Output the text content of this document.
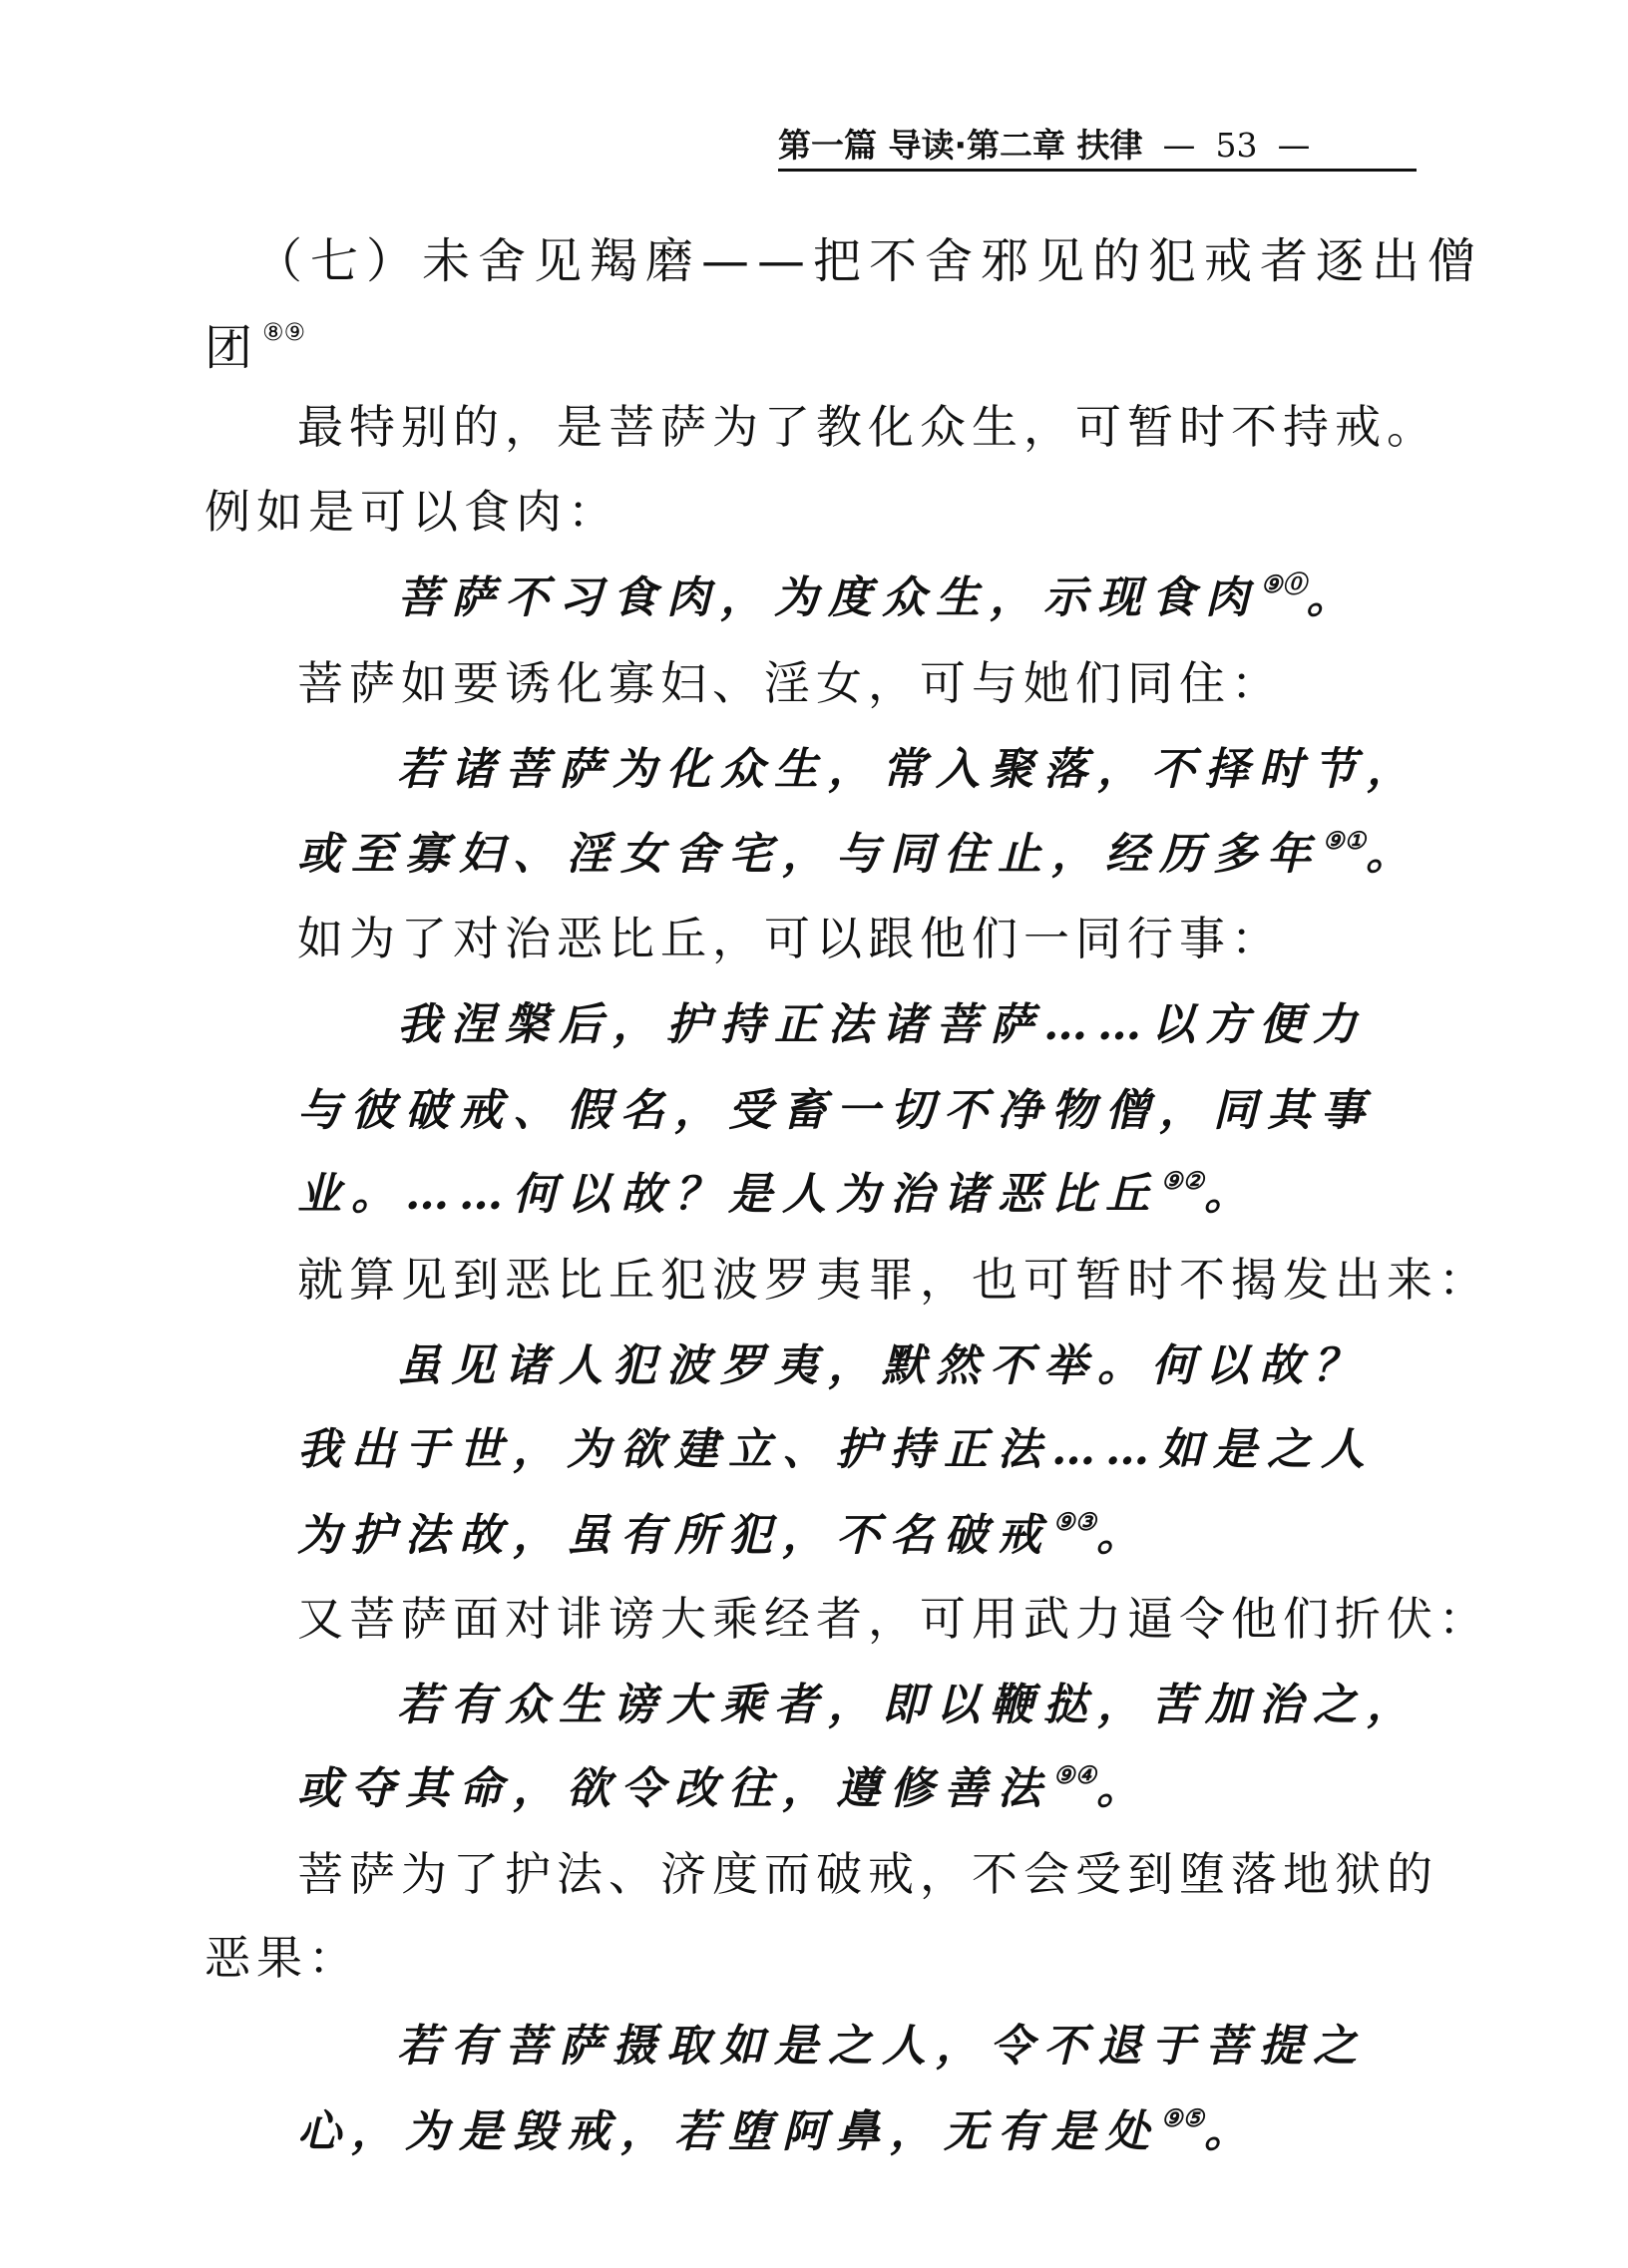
第一篇 导读·第二章 扶律 — 53 —
（七）未舍见羯磨——把不舍邪见的犯戒者逐出僧
团⑧⑨
最特别的，是菩萨为了教化众生，可暂时不持戒。
例如是可以食肉：
菩萨不习食肉，为度众生，示现食肉⑨⓪。
菩萨如要诱化寡妇、淫女，可与她们同住：
若诸菩萨为化众生，常入聚落，不择时节，
或至寡妇、淫女舍宅，与同住止，经历多年⑨①。
如为了对治恶比丘，可以跟他们一同行事：
我涅槃后，护持正法诸菩萨……以方便力
与彼破戒、假名，受畜一切不净物僧，同其事
业。……何以故？是人为治诸恶比丘⑨②。
就算见到恶比丘犯波罗夷罪，也可暂时不揭发出来：
虽见诸人犯波罗夷，默然不举。何以故？
我出于世，为欲建立、护持正法……如是之人
为护法故，虽有所犯，不名破戒⑨③。
又菩萨面对诽谤大乘经者，可用武力逼令他们折伏：
若有众生谤大乘者，即以鞭挞，苦加治之，
或夺其命，欲令改往，遵修善法⑨④。
菩萨为了护法、济度而破戒，不会受到堕落地狱的
恶果：
若有菩萨摄取如是之人，令不退于菩提之
心，为是毁戒，若堕阿鼻，无有是处⑨⑤。
